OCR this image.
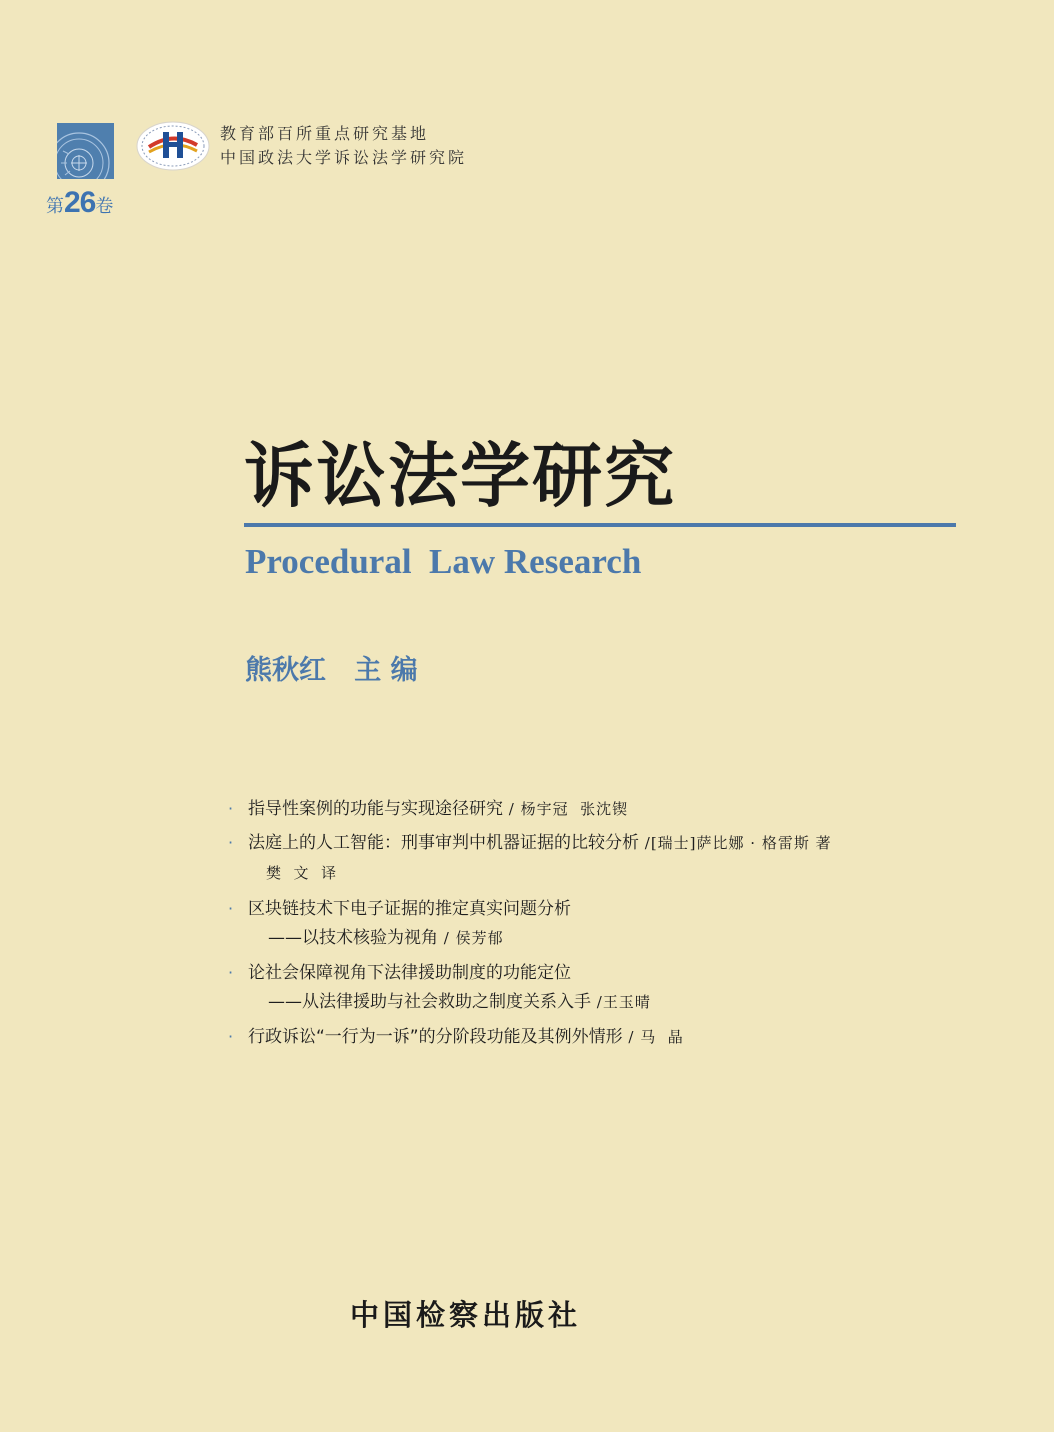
教育部百所重点研究基地
中国政法大学诉讼法学研究院
第26卷
诉讼法学研究
Procedural  Law Research
熊秋红   主 编
· 指导性案例的功能与实现途径研究 / 杨宇冠  张沈锲
· 法庭上的人工智能：刑事审判中机器证据的比较分析 /[瑞士]萨比娜 · 格雷斯 著
樊  文  译
· 区块链技术下电子证据的推定真实问题分析
——以技术核验为视角 / 侯芳郁
· 论社会保障视角下法律援助制度的功能定位
——从法律援助与社会救助之制度关系入手 /王玉晴
· 行政诉讼“一行为一诉”的分阶段功能及其例外情形 / 马  晶
中国检察出版社
